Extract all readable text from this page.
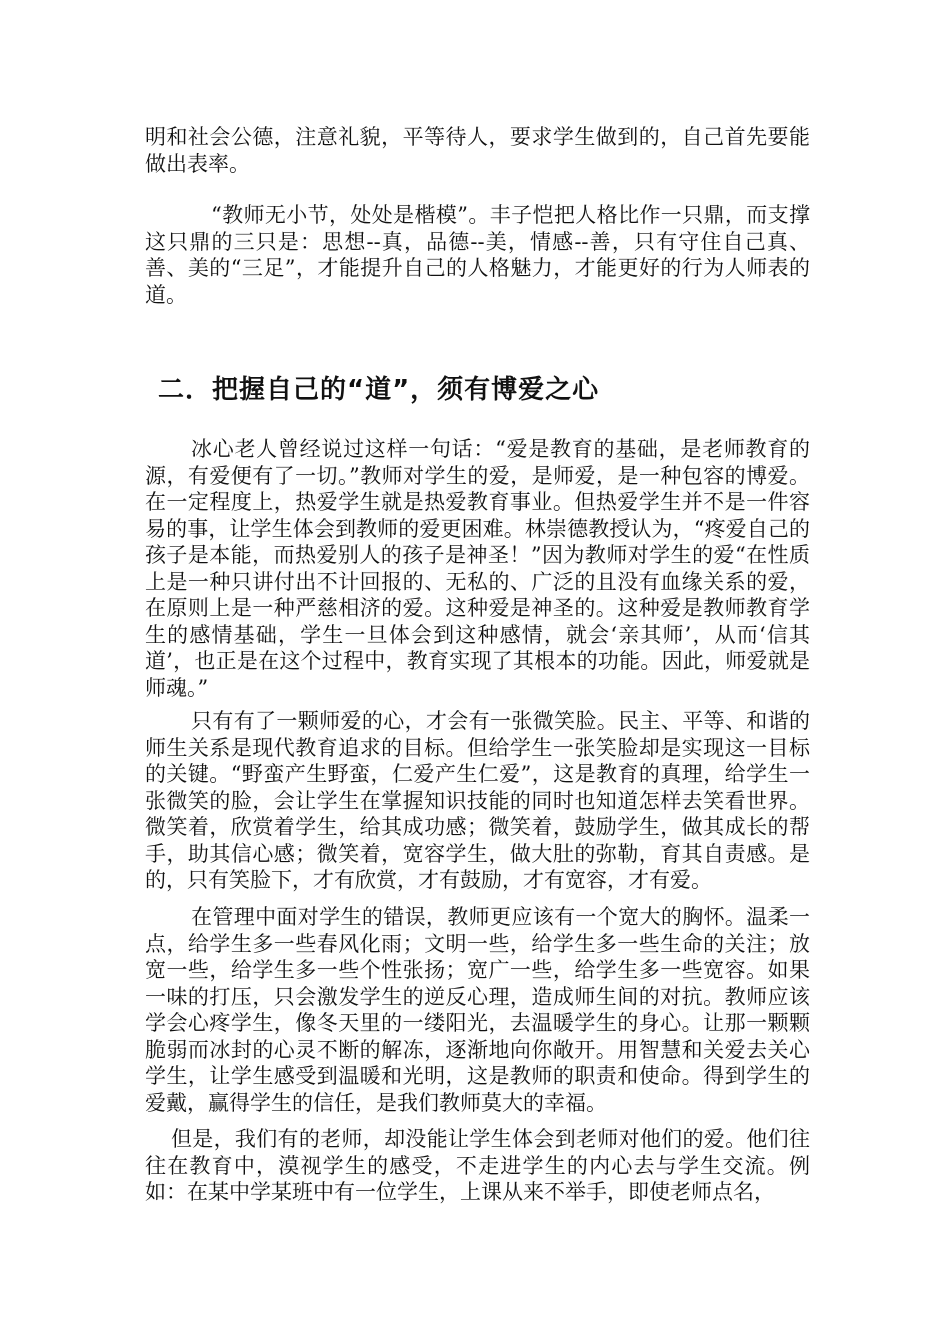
明和社会公德，注意礼貌，平等待人，要求学生做到的，自己首先要能做出表率。

“教师无小节，处处是楷模”。丰子恺把人格比作一只鼎，而支撑这只鼎的三只是：思想--真，品德--美，情感--善，只有守住自己真、善、美的“三足”，才能提升自己的人格魅力，才能更好的行为人师表的道。

二．把握自己的“道”，须有博爱之心

冰心老人曾经说过这样一句话：“爱是教育的基础，是老师教育的源，有爱便有了一切。”教师对学生的爱，是师爱，是一种包容的博爱。在一定程度上，热爱学生就是热爱教育事业。但热爱学生并不是一件容易的事，让学生体会到教师的爱更困难。林崇德教授认为，“疼爱自己的孩子是本能，而热爱别人的孩子是神圣！”因为教师对学生的爱“在性质上是一种只讲付出不计回报的、无私的、广泛的且没有血缘关系的爱，在原则上是一种严慈相济的爱。这种爱是神圣的。这种爱是教师教育学生的感情基础，学生一旦体会到这种感情，就会‘亲其师’，从而‘信其道’，也正是在这个过程中，教育实现了其根本的功能。因此，师爱就是师魂。”

只有有了一颗师爱的心，才会有一张微笑脸。民主、平等、和谐的师生关系是现代教育追求的目标。但给学生一张笑脸却是实现这一目标的关键。“野蛮产生野蛮，仁爱产生仁爱”，这是教育的真理，给学生一张微笑的脸，会让学生在掌握知识技能的同时也知道怎样去笑看世界。微笑着，欣赏着学生，给其成功感；微笑着，鼓励学生，做其成长的帮手，助其信心感；微笑着，宽容学生，做大肚的弥勒，育其自责感。是的，只有笑脸下，才有欣赏，才有鼓励，才有宽容，才有爱。

在管理中面对学生的错误，教师更应该有一个宽大的胸怀。温柔一点，给学生多一些春风化雨；文明一些，给学生多一些生命的关注；放宽一些，给学生多一些个性张扬；宽广一些，给学生多一些宽容。如果一味的打压，只会激发学生的逆反心理，造成师生间的对抗。教师应该学会心疼学生，像冬天里的一缕阳光，去温暖学生的身心。让那一颗颗脆弱而冰封的心灵不断的解冻，逐渐地向你敞开。用智慧和关爱去关心学生，让学生感受到温暖和光明，这是教师的职责和使命。得到学生的爱戴，赢得学生的信任，是我们教师莫大的幸福。

但是，我们有的老师，却没能让学生体会到老师对他们的爱。他们往往在教育中，漠视学生的感受，不走进学生的内心去与学生交流。例如：在某中学某班中有一位学生，上课从来不举手，即使老师点名，
